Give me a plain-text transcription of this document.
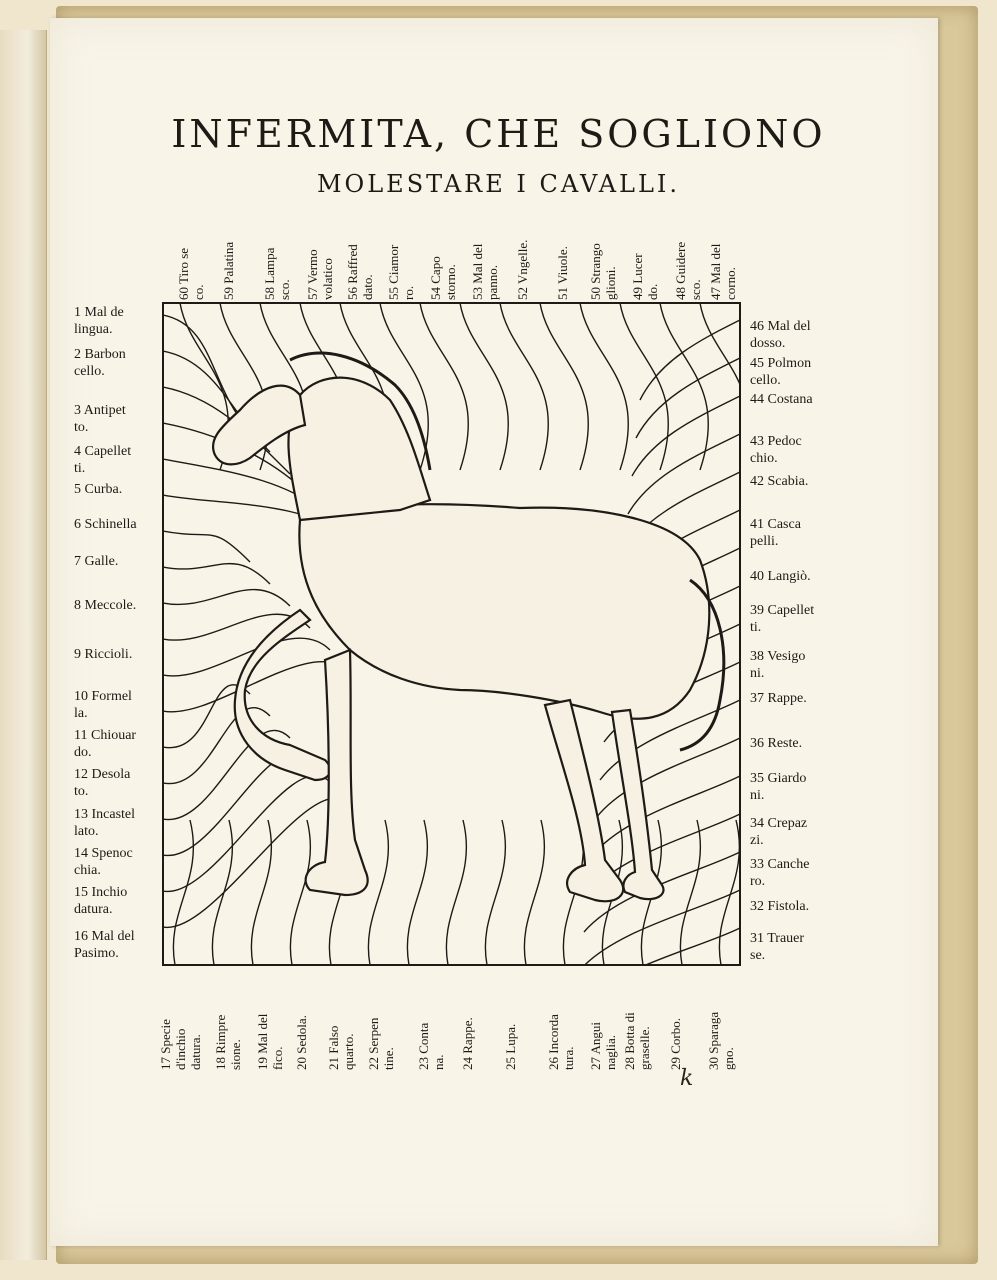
INFERMITA, CHE SOGLIONO
MOLESTARE I CAVALLI.
1 Mal de
lingua.
2 Barbon
cello.
3 Antipet
to.
4 Capellet
ti.
5 Curba.
6 Schinella
7 Galle.
8 Meccole.
9 Riccioli.
10 Formel
la.
11 Chiouar
do.
12 Desola
to.
13 Incastel
lato.
14 Spenoc
chia.
15 Inchio
datura.
16 Mal del
Pasimo.
46 Mal del
dosso.
45 Polmon
cello.
44 Costana
43 Pedoc
chio.
42 Scabia.
41 Casca
pelli.
40 Langiò.
39 Capellet
ti.
38 Vesigo
ni.
37 Rappe.
36 Reste.
35 Giardo
ni.
34 Crepaz
zi.
33 Canche
ro.
32 Fistola.
31 Trauer
se.
60 Tiro se
co. 59 Palatina 58 Lampa
sco. 57 Vermo
volatico 56 Raffred
dato. 55 Ciamor
ro. 54 Capo
storno. 53 Mal del
panno. 52 Vngelle. 51 Viuole. 50 Strango
glioni. 49 Lucer
do. 48 Guidere
sco. 47 Mal del
corno.
17 Specie
d'inchio
datura. 18 Rimpre
sione. 19 Mal del
fico. 20 Sedola. 21 Falso
quarto. 22 Serpen
tine. 23 Conta
na. 24 Rappe. 25 Lupa. 26 Incorda
tura. 27 Angui
naglia. 28 Botta di
graselle. 29 Corbo. 30 Sparaga
gno.
k
